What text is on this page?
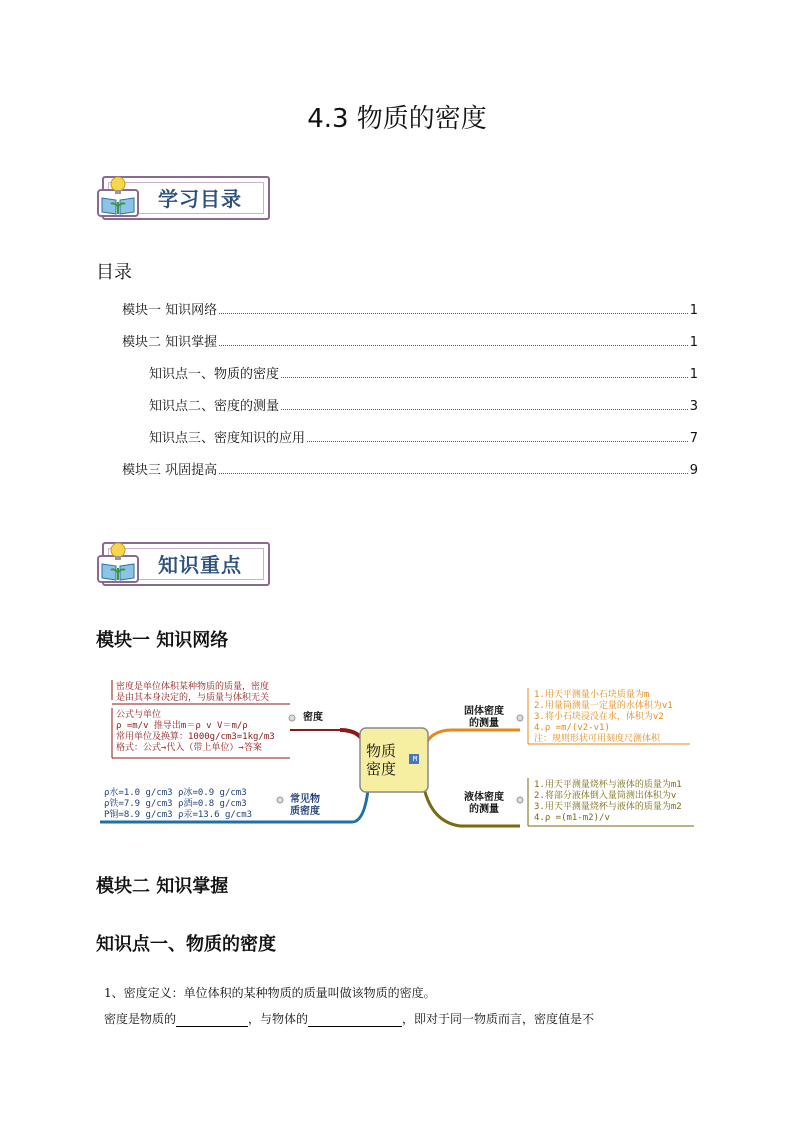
4.3 物质的密度
学习目录
目录
模块一 知识网络	1
模块二 知识掌握	1
知识点一、物质的密度	1
知识点二、密度的测量	3
知识点三、密度知识的应用	7
模块三 巩固提高	9
知识重点
模块一 知识网络
物质
密度
M
密度
密度是单位体积某种物质的质量，密度
是由其本身决定的，与质量与体积无关
公式与单位
ρ =m/v 推导出m＝ρ v V＝m/ρ
常用单位及换算：1000g/cm3=1kg/m3
格式：公式→代入（带上单位）→答案
常见物
质密度
ρ水=1.0 g/cm3 ρ冰=0.9 g/cm3
ρ铁=7.9 g/cm3 ρ酒=0.8 g/cm3
P铜=8.9 g/cm3 ρ汞=13.6 g/cm3
固体密度
的测量
1.用天平测量小石块质量为m
2.用量筒测量一定量的水体积为v1
3.将小石块浸没在水，体积为v2
4.ρ =m/(v2-v1)
注：规则形状可用刻度尺测体积
液体密度
的测量
1.用天平测量烧杯与液体的质量为m1
2.将部分液体倒入量筒测出体积为v
3.用天平测量烧杯与液体的质量为m2
4.ρ =(m1-m2)/v
模块二 知识掌握
知识点一、物质的密度
1、密度定义：单位体积的某种物质的质量叫做该物质的密度。
密度是物质的	，与物体的	，即对于同一物质而言，密度值是不
